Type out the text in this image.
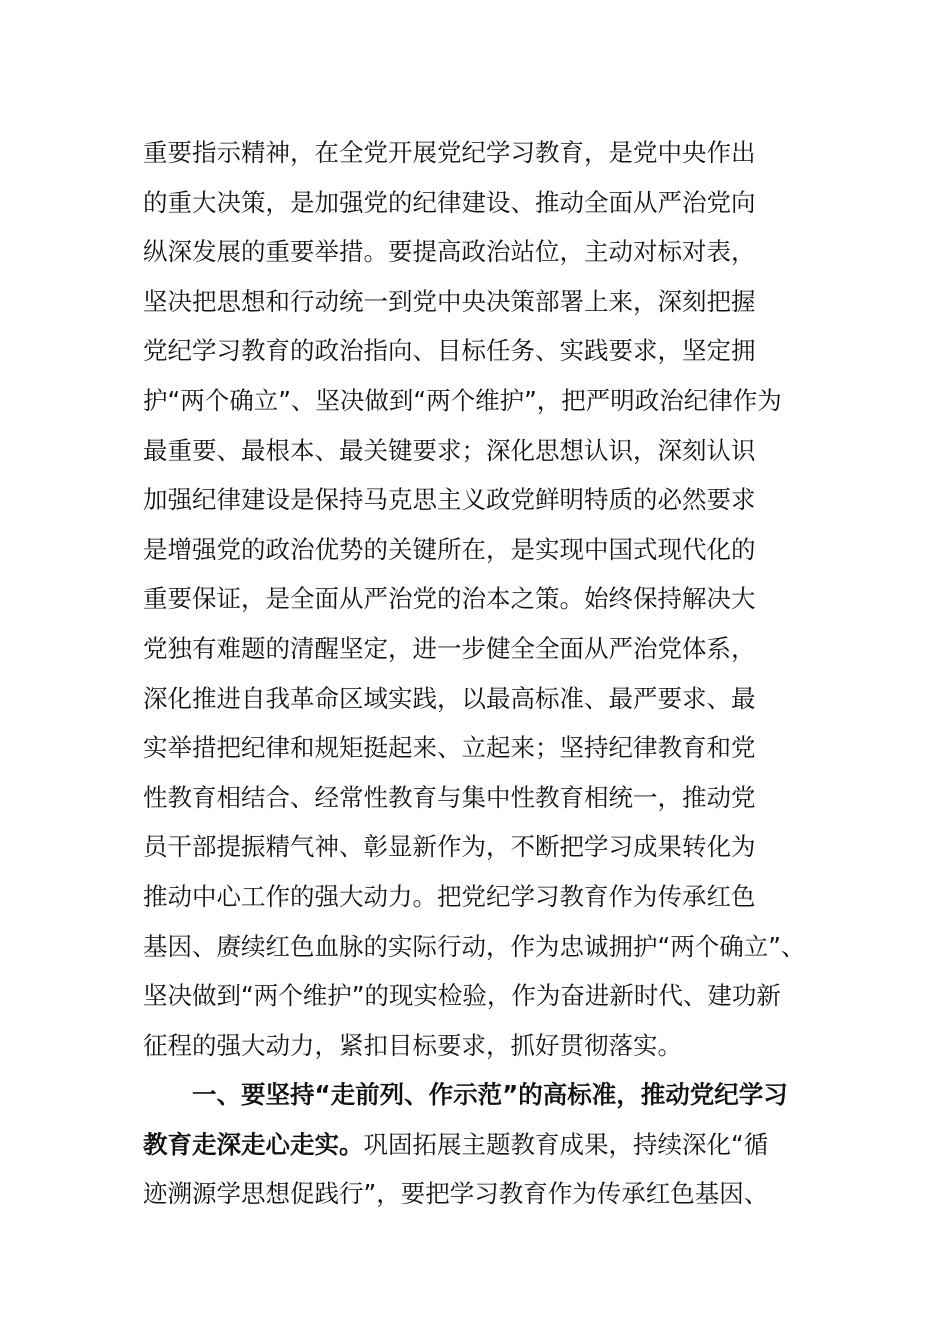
重要指示精神，在全党开展党纪学习教育，是党中央作出
的重大决策，是加强党的纪律建设、推动全面从严治党向
纵深发展的重要举措。要提高政治站位，主动对标对表，
坚决把思想和行动统一到党中央决策部署上来，深刻把握
党纪学习教育的政治指向、目标任务、实践要求，坚定拥
护“两个确立”、坚决做到“两个维护”，把严明政治纪律作为
最重要、最根本、最关键要求；深化思想认识，深刻认识
加强纪律建设是保持马克思主义政党鲜明特质的必然要求
是增强党的政治优势的关键所在，是实现中国式现代化的
重要保证，是全面从严治党的治本之策。始终保持解决大
党独有难题的清醒坚定，进一步健全全面从严治党体系，
深化推进自我革命区域实践，以最高标准、最严要求、最
实举措把纪律和规矩挺起来、立起来；坚持纪律教育和党
性教育相结合、经常性教育与集中性教育相统一，推动党
员干部提振精气神、彰显新作为，不断把学习成果转化为
推动中心工作的强大动力。把党纪学习教育作为传承红色
基因、赓续红色血脉的实际行动，作为忠诚拥护“两个确立”、
坚决做到“两个维护”的现实检验，作为奋进新时代、建功新
征程的强大动力，紧扣目标要求，抓好贯彻落实。
一、要坚持“走前列、作示范”的高标准，推动党纪学习
教育走深走心走实。巩固拓展主题教育成果，持续深化“循
迹溯源学思想促践行”，要把学习教育作为传承红色基因、
